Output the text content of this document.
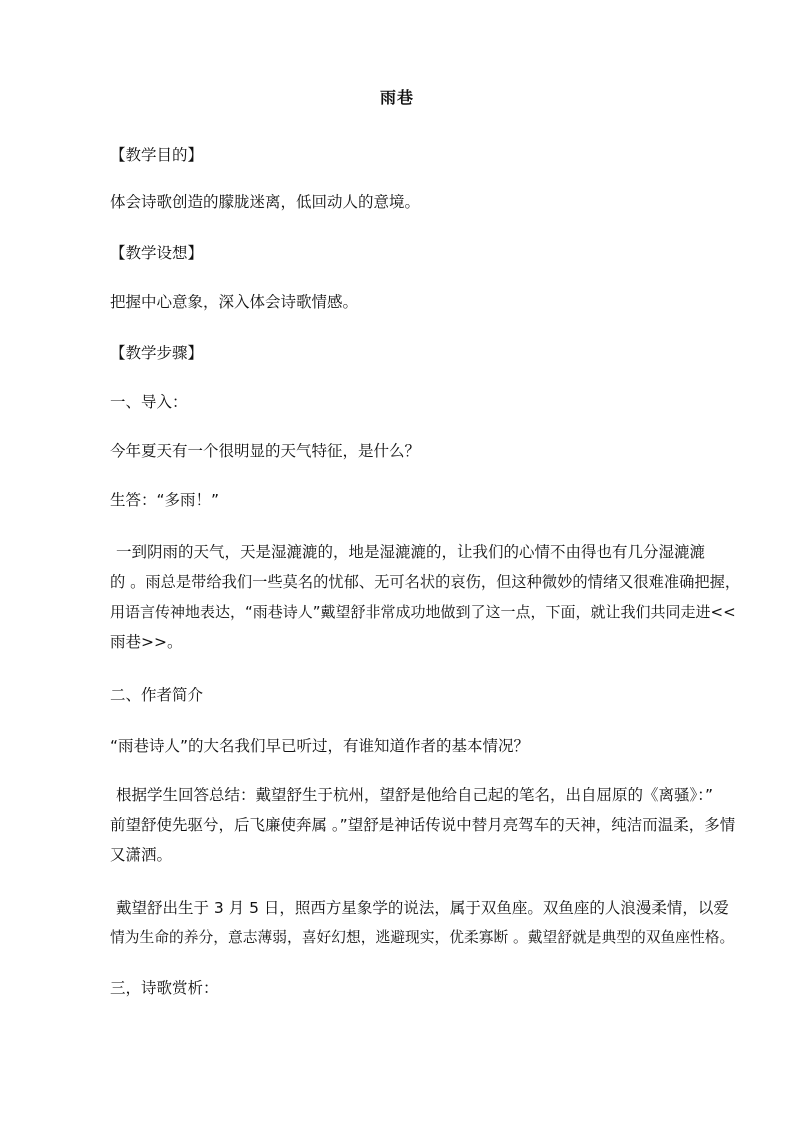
雨巷
【教学目的】
体会诗歌创造的朦胧迷离，低回动人的意境。
【教学设想】
把握中心意象，深入体会诗歌情感。
【教学步骤】
一、导入：
今年夏天有一个很明显的天气特征，是什么？
生答：“多雨！”
一到阴雨的天气，天是湿漉漉的，地是湿漉漉的，让我们的心情不由得也有几分湿漉漉
的 。雨总是带给我们一些莫名的忧郁、无可名状的哀伤，但这种微妙的情绪又很难准确把握，
用语言传神地表达，“雨巷诗人”戴望舒非常成功地做到了这一点，下面，就让我们共同走进<<
雨巷>>。
二、作者简介
“雨巷诗人”的大名我们早已听过，有谁知道作者的基本情况？
根据学生回答总结：戴望舒生于杭州，望舒是他给自己起的笔名，出自屈原的《离骚》：”
前望舒使先驱兮，后飞廉使奔属 。”望舒是神话传说中替月亮驾车的天神，纯洁而温柔，多情
又潇洒。
戴望舒出生于 3 月 5 日，照西方星象学的说法，属于双鱼座。双鱼座的人浪漫柔情，以爱
情为生命的养分，意志薄弱，喜好幻想，逃避现实，优柔寡断 。戴望舒就是典型的双鱼座性格。
三，诗歌赏析：
